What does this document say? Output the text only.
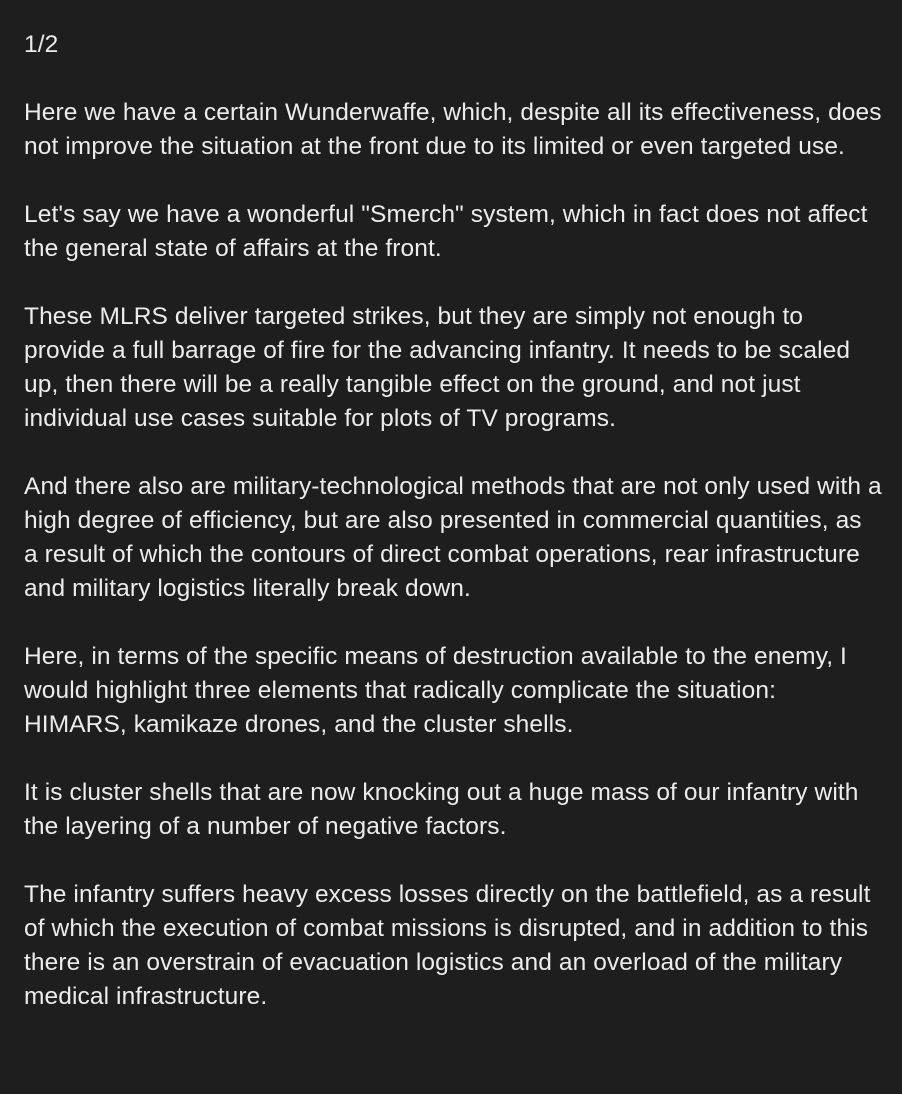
1/2

Here we have a certain Wunderwaffe, which, despite all its effectiveness, does not improve the situation at the front due to its limited or even targeted use.

Let's say we have a wonderful "Smerch" system, which in fact does not affect the general state of affairs at the front.

These MLRS deliver targeted strikes, but they are simply not enough to provide a full barrage of fire for the advancing infantry. It needs to be scaled up, then there will be a really tangible effect on the ground, and not just individual use cases suitable for plots of TV programs.

And there also are military-technological methods that are not only used with a high degree of efficiency, but are also presented in commercial quantities, as a result of which the contours of direct combat operations, rear infrastructure and military logistics literally break down.

Here, in terms of the specific means of destruction available to the enemy, I would highlight three elements that radically complicate the situation: HIMARS, kamikaze drones, and the cluster shells.

It is cluster shells that are now knocking out a huge mass of our infantry with the layering of a number of negative factors.

The infantry suffers heavy excess losses directly on the battlefield, as a result of which the execution of combat missions is disrupted, and in addition to this there is an overstrain of evacuation logistics and an overload of the military medical infrastructure.
